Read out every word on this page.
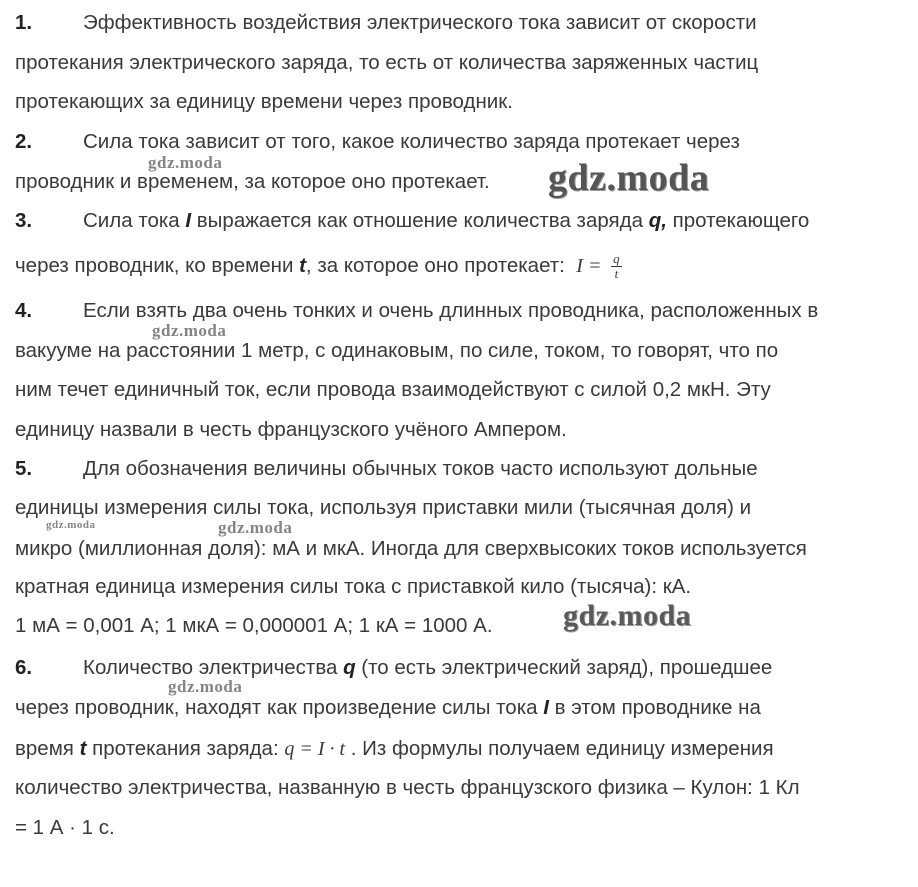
1. Эффективность воздействия электрического тока зависит от скорости
протекания электрического заряда, то есть от количества заряженных частиц
протекающих за единицу времени через проводник.
2. Сила тока зависит от того, какое количество заряда протекает через
проводник и временем, за которое оно протекает.
3. Сила тока I выражается как отношение количества заряда q, протекающего
через проводник, ко времени t, за которое оно протекает: $I = \frac{q}{t}$
4. Если взять два очень тонких и очень длинных проводника, расположенных в
вакууме на расстоянии 1 метр, с одинаковым, по силе, током, то говорят, что по
ним течет единичный ток, если провода взаимодействуют с силой 0,2 мкН. Эту
единицу назвали в честь французского учёного Ампером.
5. Для обозначения величины обычных токов часто используют дольные
единицы измерения силы тока, используя приставки мили (тысячная доля) и
микро (миллионная доля): мА и мкА. Иногда для сверхвысоких токов используется
кратная единица измерения силы тока с приставкой кило (тысяча): кА.
1 мА = 0,001 А; 1 мкА = 0,000001 А; 1 кА = 1000 А.
6. Количество электричества q (то есть электрический заряд), прошедшее
через проводник, находят как произведение силы тока I в этом проводнике на
время t протекания заряда: q = I · t . Из формулы получаем единицу измерения
количество электричества, названную в честь французского физика – Кулон: 1 Кл
= 1 А · 1 с.
gdz.moda	gdz.moda
gdz.moda
gdz.moda	gdz.moda
gdz.moda
gdz.moda
